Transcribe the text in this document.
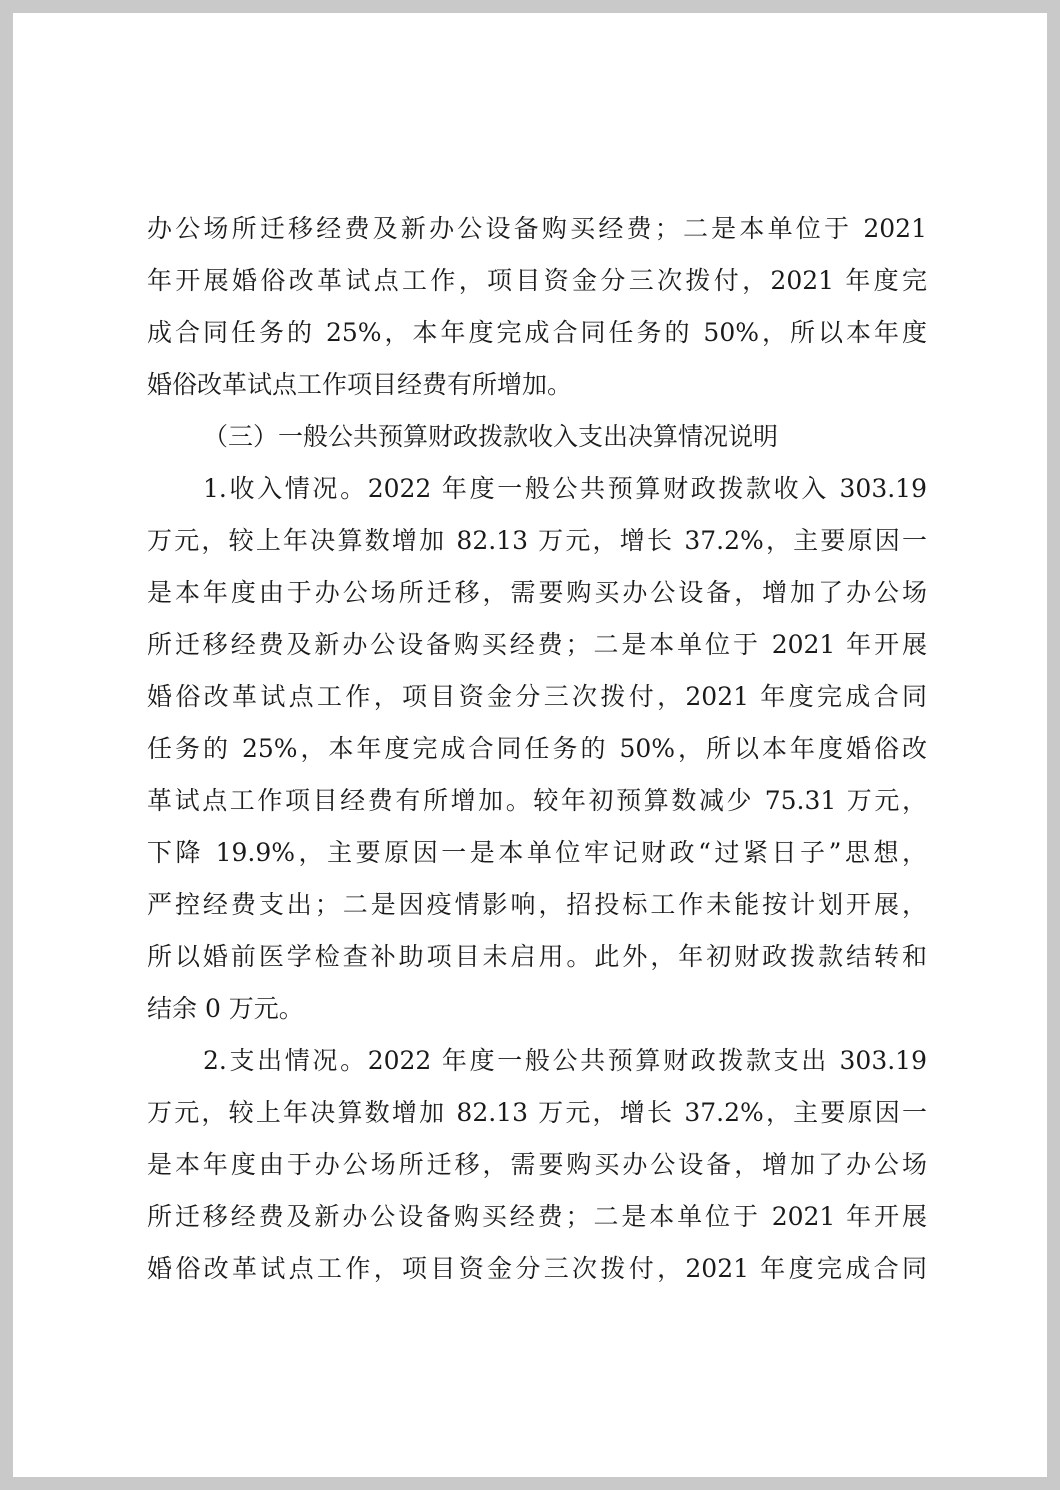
办公场所迁移经费及新办公设备购买经费；二是本单位于 2021
年开展婚俗改革试点工作，项目资金分三次拨付，2021 年度完
成合同任务的 25%，本年度完成合同任务的 50%，所以本年度
婚俗改革试点工作项目经费有所增加。
（三）一般公共预算财政拨款收入支出决算情况说明
1.收入情况。2022 年度一般公共预算财政拨款收入 303.19
万元，较上年决算数增加 82.13 万元，增长 37.2%，主要原因一
是本年度由于办公场所迁移，需要购买办公设备，增加了办公场
所迁移经费及新办公设备购买经费；二是本单位于 2021 年开展
婚俗改革试点工作，项目资金分三次拨付，2021 年度完成合同
任务的 25%，本年度完成合同任务的 50%，所以本年度婚俗改
革试点工作项目经费有所增加。较年初预算数减少 75.31 万元，
下降 19.9%，主要原因一是本单位牢记财政“过紧日子”思想，
严控经费支出；二是因疫情影响，招投标工作未能按计划开展，
所以婚前医学检查补助项目未启用。此外，年初财政拨款结转和
结余 0 万元。
2.支出情况。2022 年度一般公共预算财政拨款支出 303.19
万元，较上年决算数增加 82.13 万元，增长 37.2%，主要原因一
是本年度由于办公场所迁移，需要购买办公设备，增加了办公场
所迁移经费及新办公设备购买经费；二是本单位于 2021 年开展
婚俗改革试点工作，项目资金分三次拨付，2021 年度完成合同
